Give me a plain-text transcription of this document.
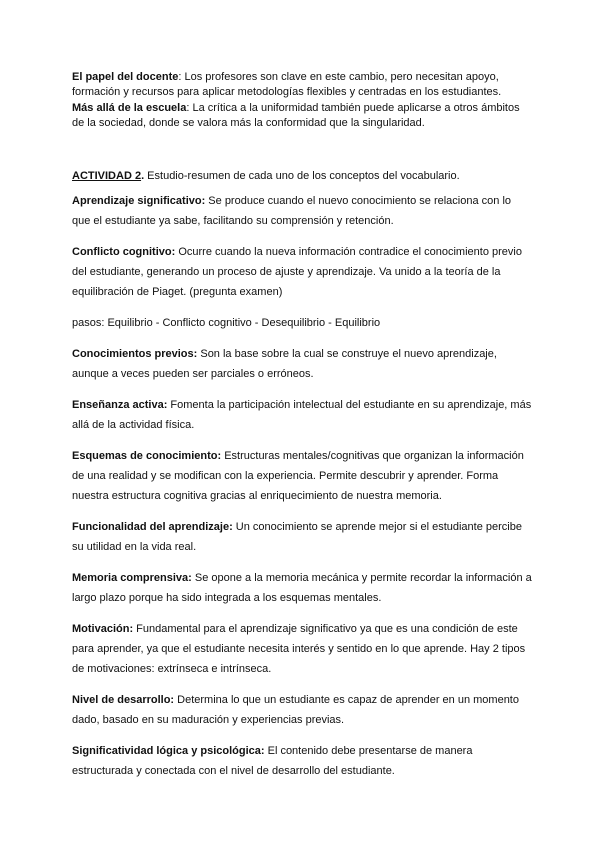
El papel del docente: Los profesores son clave en este cambio, pero necesitan apoyo, formación y recursos para aplicar metodologías flexibles y centradas en los estudiantes.

Más allá de la escuela: La crítica a la uniformidad también puede aplicarse a otros ámbitos de la sociedad, donde se valora más la conformidad que la singularidad.

ACTIVIDAD 2. Estudio-resumen de cada uno de los conceptos del vocabulario.

Aprendizaje significativo: Se produce cuando el nuevo conocimiento se relaciona con lo que el estudiante ya sabe, facilitando su comprensión y retención.

Conflicto cognitivo: Ocurre cuando la nueva información contradice el conocimiento previo del estudiante, generando un proceso de ajuste y aprendizaje. Va unido a la teoría de la equilibración de Piaget. (pregunta examen)

pasos: Equilibrio - Conflicto cognitivo - Desequilibrio - Equilibrio

Conocimientos previos: Son la base sobre la cual se construye el nuevo aprendizaje, aunque a veces pueden ser parciales o erróneos.

Enseñanza activa: Fomenta la participación intelectual del estudiante en su aprendizaje, más allá de la actividad física.

Esquemas de conocimiento: Estructuras mentales/cognitivas que organizan la información de una realidad y se modifican con la experiencia. Permite descubrir y aprender. Forma nuestra estructura cognitiva gracias al enriquecimiento de nuestra memoria.

Funcionalidad del aprendizaje: Un conocimiento se aprende mejor si el estudiante percibe su utilidad en la vida real.

Memoria comprensiva: Se opone a la memoria mecánica y permite recordar la información a largo plazo porque ha sido integrada a los esquemas mentales.

Motivación: Fundamental para el aprendizaje significativo ya que es una condición de este para aprender, ya que el estudiante necesita interés y sentido en lo que aprende. Hay 2 tipos de motivaciones: extrínseca e intrínseca.

Nivel de desarrollo: Determina lo que un estudiante es capaz de aprender en un momento dado, basado en su maduración y experiencias previas.

Significatividad lógica y psicológica: El contenido debe presentarse de manera estructurada y conectada con el nivel de desarrollo del estudiante.
